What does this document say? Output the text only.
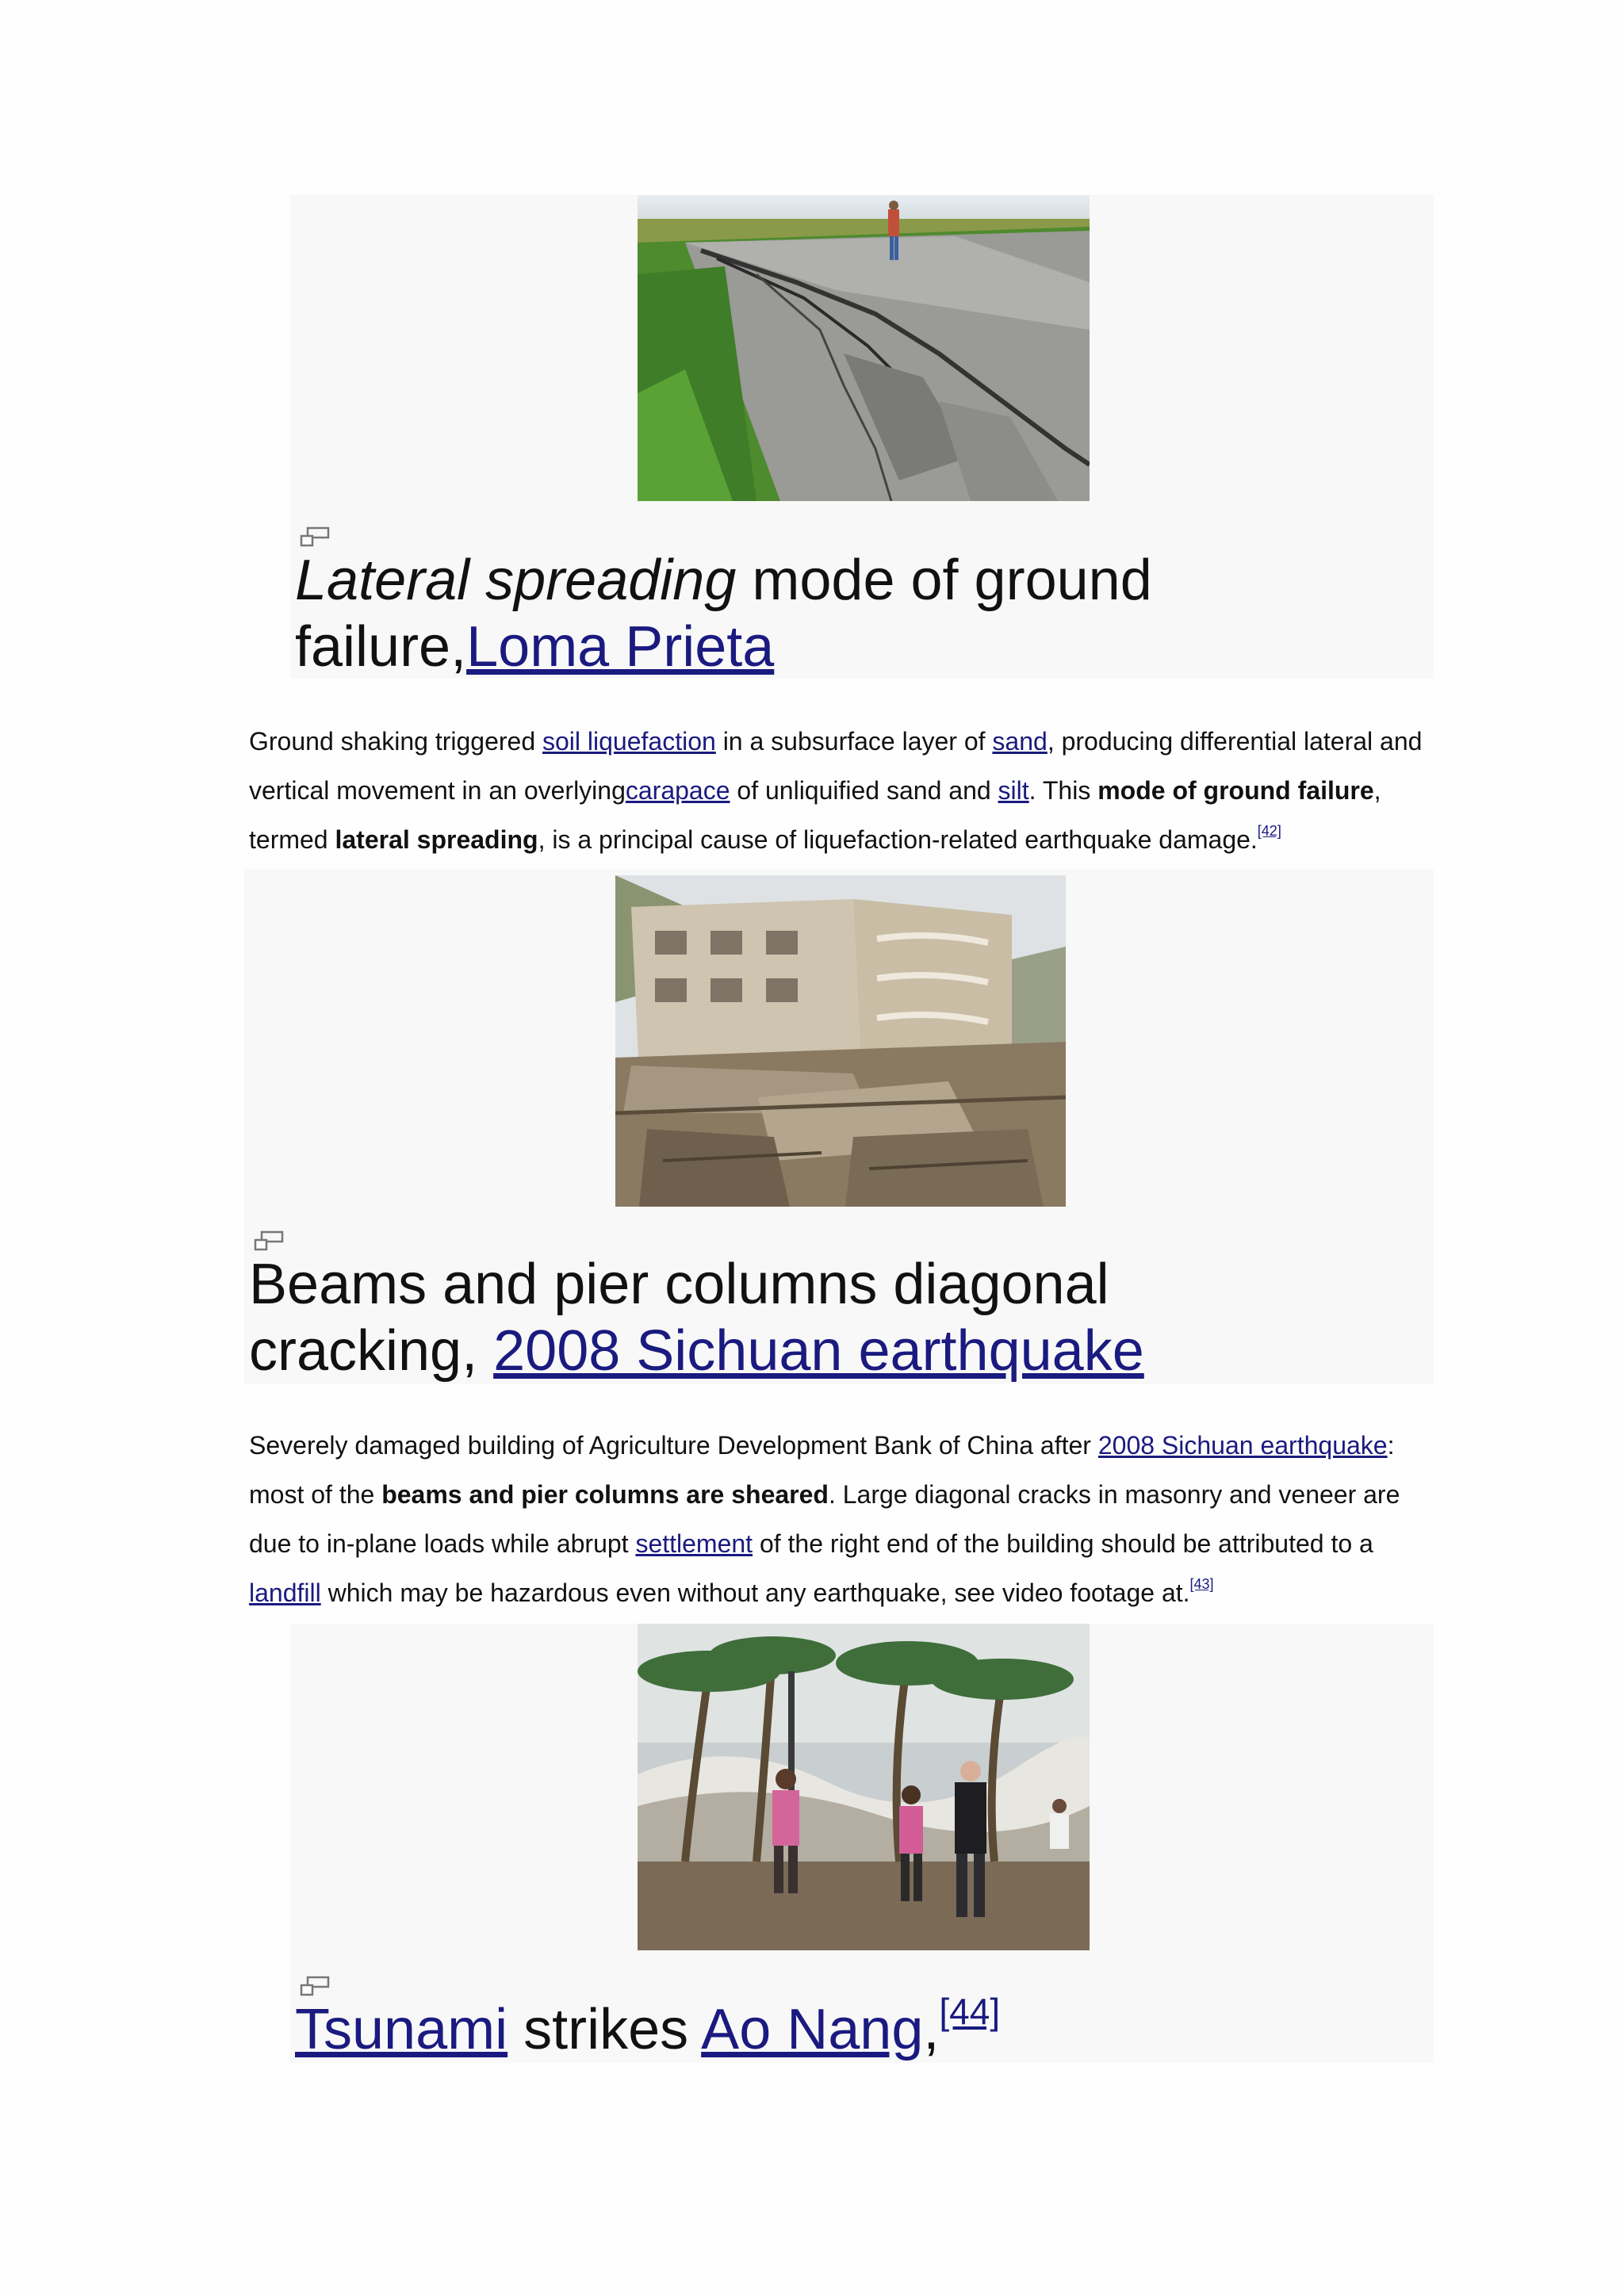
Lateral spreading mode of ground failure,Loma Prieta
Ground shaking triggered soil liquefaction in a subsurface layer of sand, producing differential lateral and vertical movement in an overlyingcarapace of unliquified sand and silt. This mode of ground failure, termed lateral spreading, is a principal cause of liquefaction-related earthquake damage.[42]
Beams and pier columns diagonal cracking, 2008 Sichuan earthquake
Severely damaged building of Agriculture Development Bank of China after 2008 Sichuan earthquake: most of the beams and pier columns are sheared. Large diagonal cracks in masonry and veneer are due to in-plane loads while abrupt settlement of the right end of the building should be attributed to a landfill which may be hazardous even without any earthquake, see video footage at.[43]
Tsunami strikes Ao Nang,[44]
